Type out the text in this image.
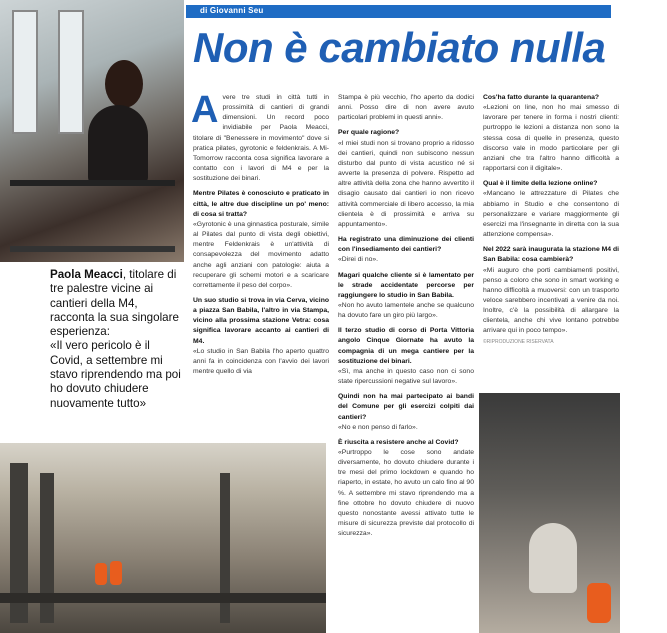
di Giovanni Seu
Non è cambiato nulla
Paola Meacci, titolare di tre palestre vicine ai cantieri della M4, racconta la sua singolare esperienza:
«Il vero pericolo è il Covid, a settembre mi stavo riprendendo ma poi ho dovuto chiudere nuovamente tutto»

Avere tre studi in città tutti in prossimità di cantieri di grandi dimensioni. Un record poco invidiabile per Paola Meacci, titolare di "Benessere in movimento" dove si pratica pilates, gyrotonic e feldenkrais. A Mi-Tomorrow racconta cosa significa lavorare a contatto con i lavori di M4 e per la sostituzione dei binari.

Mentre Pilates è conosciuto e praticato in città, le altre due discipline un po' meno: di cosa si tratta?

«Gyrotonic è una ginnastica posturale, simile al Pilates dal punto di vista degli obiettivi, mentre Feldenkrais è un'attività di consapevolezza del movimento adatto anche agli anziani con patologie: aiuta a recuperare gli schemi motori e a scaricare correttamente il peso del corpo».

Un suo studio si trova in via Cerva, vicino a piazza San Babila, l'altro in via Stampa, vicino alla prossima stazione Vetra: cosa significa lavorare accanto ai cantieri di M4.

«Lo studio in San Babila l'ho aperto quattro anni fa in coincidenza con l'avvio dei lavori mentre quello di via

Stampa è più vecchio, l'ho aperto da dodici anni. Posso dire di non avere avuto particolari problemi in questi anni».

Per quale ragione?

«I miei studi non si trovano proprio a ridosso dei cantieri, quindi non subiscono nessun disturbo dal punto di vista acustico né si avverte la presenza di polvere. Rispetto ad altre attività della zona che hanno avvertito il disagio causato dai cantieri io non ricevo attività commerciale di libero accesso, la mia clientela è di prossimità e arriva su appuntamento».

Ha registrato una diminuzione dei clienti con l'insediamento dei cantieri?

«Direi di no».

Magari qualche cliente si è lamentato per le strade accidentate percorse per raggiungere lo studio in San Babila.

«Non ho avuto lamentele anche se qualcuno ha dovuto fare un giro più largo».

Il terzo studio di corso di Porta Vittoria angolo Cinque Giornate ha avuto la compagnia di un mega cantiere per la sostituzione dei binari.

«Sì, ma anche in questo caso non ci sono state ripercussioni negative sul lavoro».

Quindi non ha mai partecipato ai bandi del Comune per gli esercizi colpiti dai cantieri?

«No e non penso di farlo».

È riuscita a resistere anche al Covid?

«Purtroppo le cose sono andate diversamente, ho dovuto chiudere durante i tre mesi del primo lockdown e quando ho riaperto, in estate, ho avuto un calo fino al 90 %. A settembre mi stavo riprendendo ma a fine ottobre ho dovuto chiudere di nuovo questo nonostante avessi attivato tutte le misure di sicurezza previste dal protocollo di sicurezza».

Cos'ha fatto durante la quarantena?

«Lezioni on line, non ho mai smesso di lavorare per tenere in forma i nostri clienti: purtroppo le lezioni a distanza non sono la stessa cosa di quelle in presenza, questo discorso vale in modo particolare per gli anziani che tra l'altro hanno difficoltà a rapportarsi con il digitale».

Qual è il limite della lezione online?

«Mancano le attrezzature di Pilates che abbiamo in Studio e che consentono di personalizzare e variare maggiormente gli esercizi ma l'insegnante in diretta con la sua attenzione compensa».

Nel 2022 sarà inaugurata la stazione M4 di San Babila: cosa cambierà?

«Mi auguro che porti cambiamenti positivi, penso a coloro che sono in smart working e hanno difficoltà a muoversi: con un trasporto veloce sarebbero incentivati a venire da noi. Inoltre, c'è la possibilità di allargare la clientela, anche chi vive lontano potrebbe arrivare qui in poco tempo».

©RIPRODUZIONE RISERVATA
